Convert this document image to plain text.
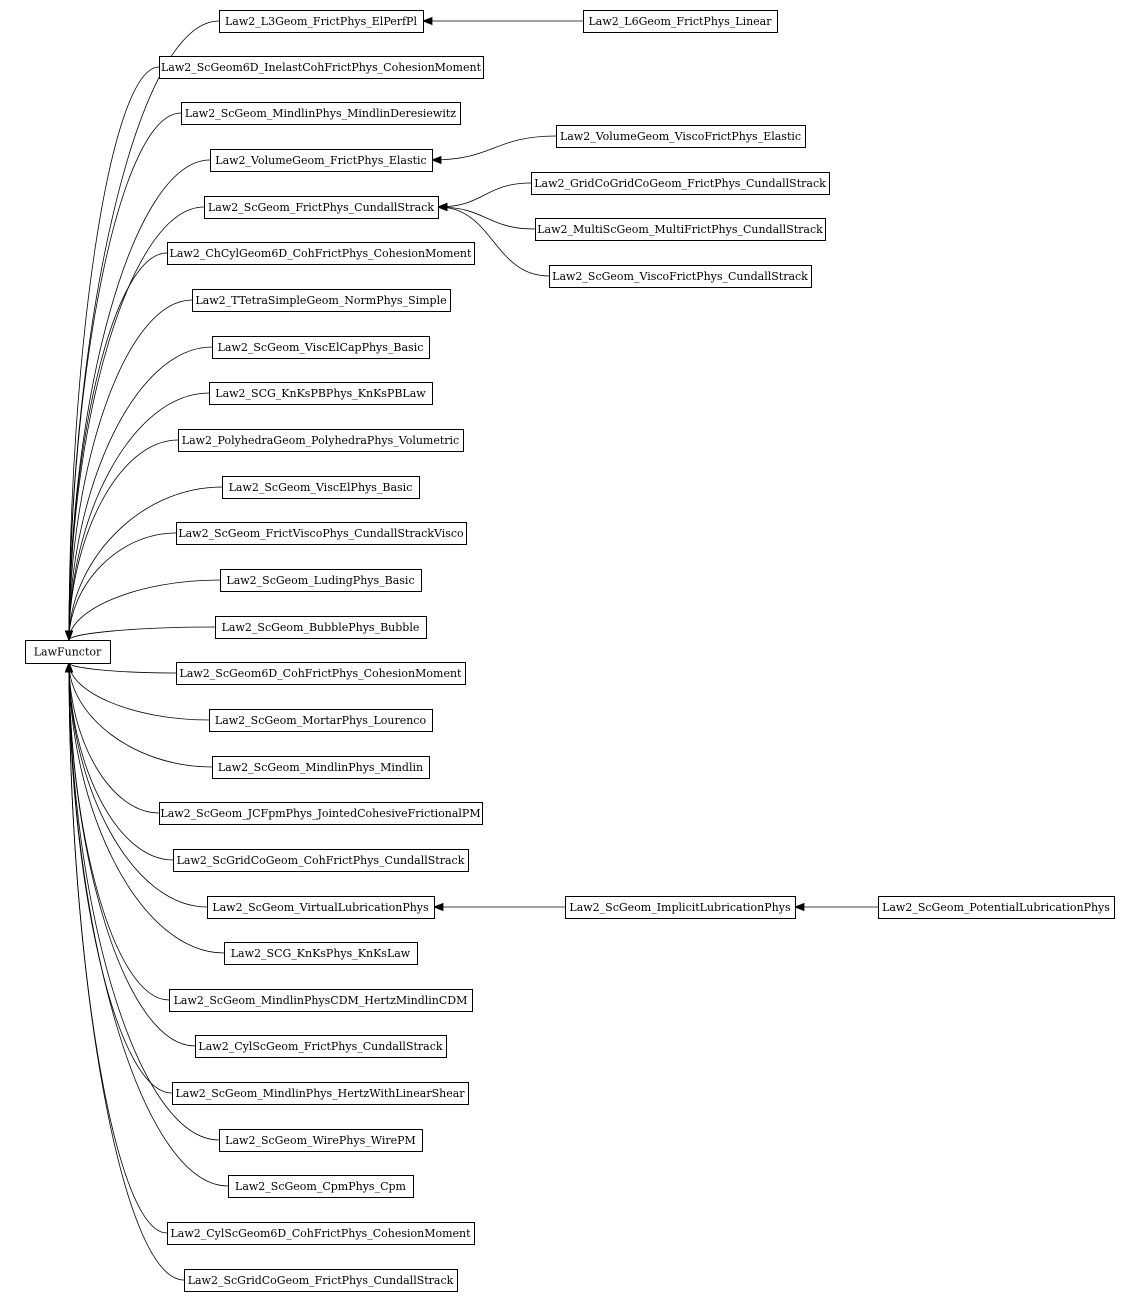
LawFunctor
Law2_L3Geom_FrictPhys_ElPerfPl
Law2_ScGeom6D_InelastCohFrictPhys_CohesionMoment
Law2_ScGeom_MindlinPhys_MindlinDeresiewitz
Law2_VolumeGeom_FrictPhys_Elastic
Law2_ScGeom_FrictPhys_CundallStrack
Law2_ChCylGeom6D_CohFrictPhys_CohesionMoment
Law2_TTetraSimpleGeom_NormPhys_Simple
Law2_ScGeom_ViscElCapPhys_Basic
Law2_SCG_KnKsPBPhys_KnKsPBLaw
Law2_PolyhedraGeom_PolyhedraPhys_Volumetric
Law2_ScGeom_ViscElPhys_Basic
Law2_ScGeom_FrictViscoPhys_CundallStrackVisco
Law2_ScGeom_LudingPhys_Basic
Law2_ScGeom_BubblePhys_Bubble
Law2_ScGeom6D_CohFrictPhys_CohesionMoment
Law2_ScGeom_MortarPhys_Lourenco
Law2_ScGeom_MindlinPhys_Mindlin
Law2_ScGeom_JCFpmPhys_JointedCohesiveFrictionalPM
Law2_ScGridCoGeom_CohFrictPhys_CundallStrack
Law2_ScGeom_VirtualLubricationPhys
Law2_SCG_KnKsPhys_KnKsLaw
Law2_ScGeom_MindlinPhysCDM_HertzMindlinCDM
Law2_CylScGeom_FrictPhys_CundallStrack
Law2_ScGeom_MindlinPhys_HertzWithLinearShear
Law2_ScGeom_WirePhys_WirePM
Law2_ScGeom_CpmPhys_Cpm
Law2_CylScGeom6D_CohFrictPhys_CohesionMoment
Law2_ScGridCoGeom_FrictPhys_CundallStrack
Law2_L6Geom_FrictPhys_Linear
Law2_VolumeGeom_ViscoFrictPhys_Elastic
Law2_GridCoGridCoGeom_FrictPhys_CundallStrack
Law2_MultiScGeom_MultiFrictPhys_CundallStrack
Law2_ScGeom_ViscoFrictPhys_CundallStrack
Law2_ScGeom_ImplicitLubricationPhys	Law2_ScGeom_PotentialLubricationPhys
